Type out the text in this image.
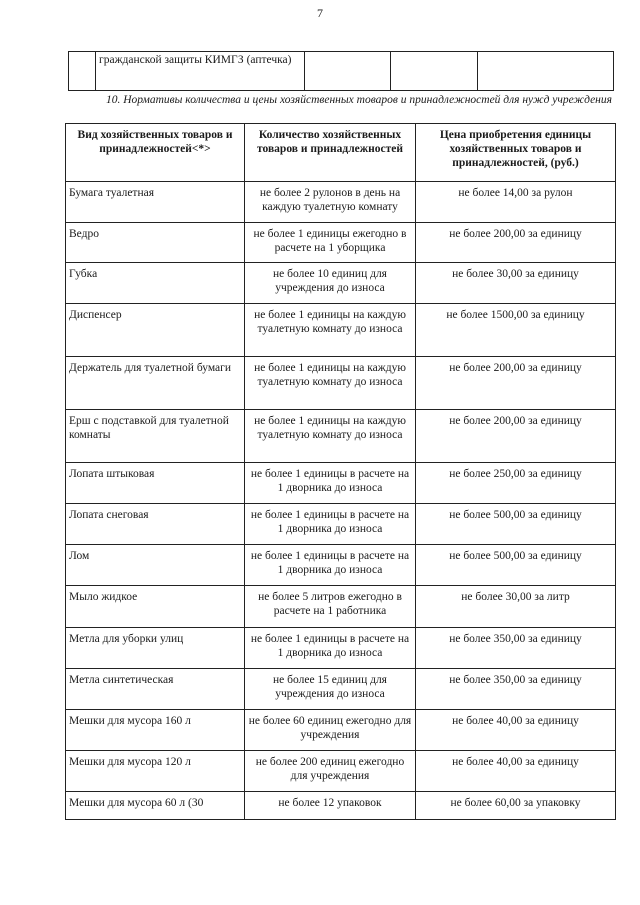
7
	гражданской защиты КИМГЗ (аптечка)			

10. Нормативы количества и цены хозяйственных товаров и принадлежностей для нужд учреждения

Вид хозяйственных товаров и принадлежностей<*>	Количество хозяйственных товаров и принадлежностей	Цена приобретения единицы хозяйственных товаров и принадлежностей, (руб.)
Бумага туалетная	не более 2 рулонов в день на каждую туалетную комнату	не более 14,00 за рулон
Ведро	не более 1 единицы ежегодно в расчете на 1 уборщика	не более 200,00 за единицу
Губка	не более 10 единиц для учреждения до износа	не более 30,00 за единицу
Диспенсер	не более 1 единицы на каждую туалетную комнату до износа	не более 1500,00 за единицу
Держатель для туалетной бумаги	не более 1 единицы на каждую туалетную комнату до износа	не более 200,00 за единицу
Ерш с подставкой для туалетной комнаты	не более 1 единицы на каждую туалетную комнату до износа	не более 200,00 за единицу
Лопата штыковая	не более 1 единицы в расчете на 1 дворника до износа	не более 250,00 за единицу
Лопата снеговая	не более 1 единицы в расчете на 1 дворника до износа	не более 500,00 за единицу
Лом	не более 1 единицы в расчете на 1 дворника до износа	не более 500,00 за единицу
Мыло жидкое	не более 5 литров ежегодно в расчете на 1 работника	не более 30,00 за литр
Метла для уборки улиц	не более 1 единицы в расчете на 1 дворника до износа	не более 350,00 за единицу
Метла синтетическая	не более 15 единиц для учреждения до износа	не более 350,00 за единицу
Мешки для мусора 160 л	не более 60 единиц ежегодно для учреждения	не более 40,00 за единицу
Мешки для мусора 120 л	не более 200 единиц ежегодно для учреждения	не более 40,00 за единицу
Мешки для мусора 60 л (30	не более 12 упаковок	не более 60,00 за упаковку
